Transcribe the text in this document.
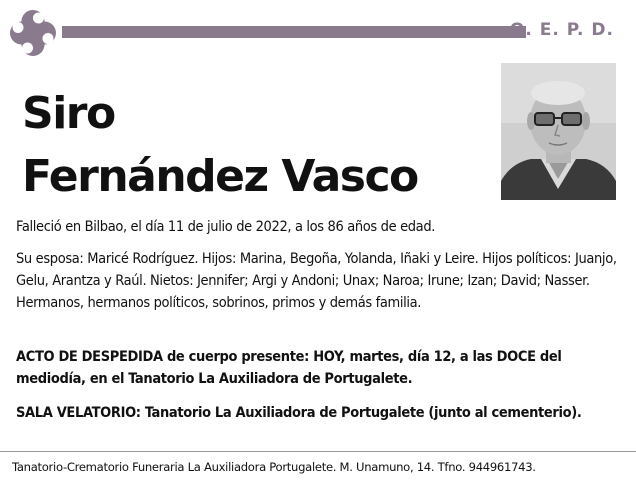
Q. E. P. D.
Siro
Fernández Vasco

Falleció en Bilbao, el día 11 de julio de 2022, a los 86 años de edad.

Su esposa: Maricé Rodríguez. Hijos: Marina, Begoña, Yolanda, Iñaki y Leire. Hijos políticos: Juanjo, Gelu, Arantza y Raúl. Nietos: Jennifer; Argi y Andoni; Unax; Naroa; Irune; Izan; David; Nasser. Hermanos, hermanos políticos, sobrinos, primos y demás familia.

ACTO DE DESPEDIDA de cuerpo presente: HOY, martes, día 12, a las DOCE del mediodía, en el Tanatorio La Auxiliadora de Portugalete.

SALA VELATORIO: Tanatorio La Auxiliadora de Portugalete (junto al cementerio).

Tanatorio-Crematorio Funeraria La Auxiliadora Portugalete. M. Unamuno, 14. Tfno. 944961743.
